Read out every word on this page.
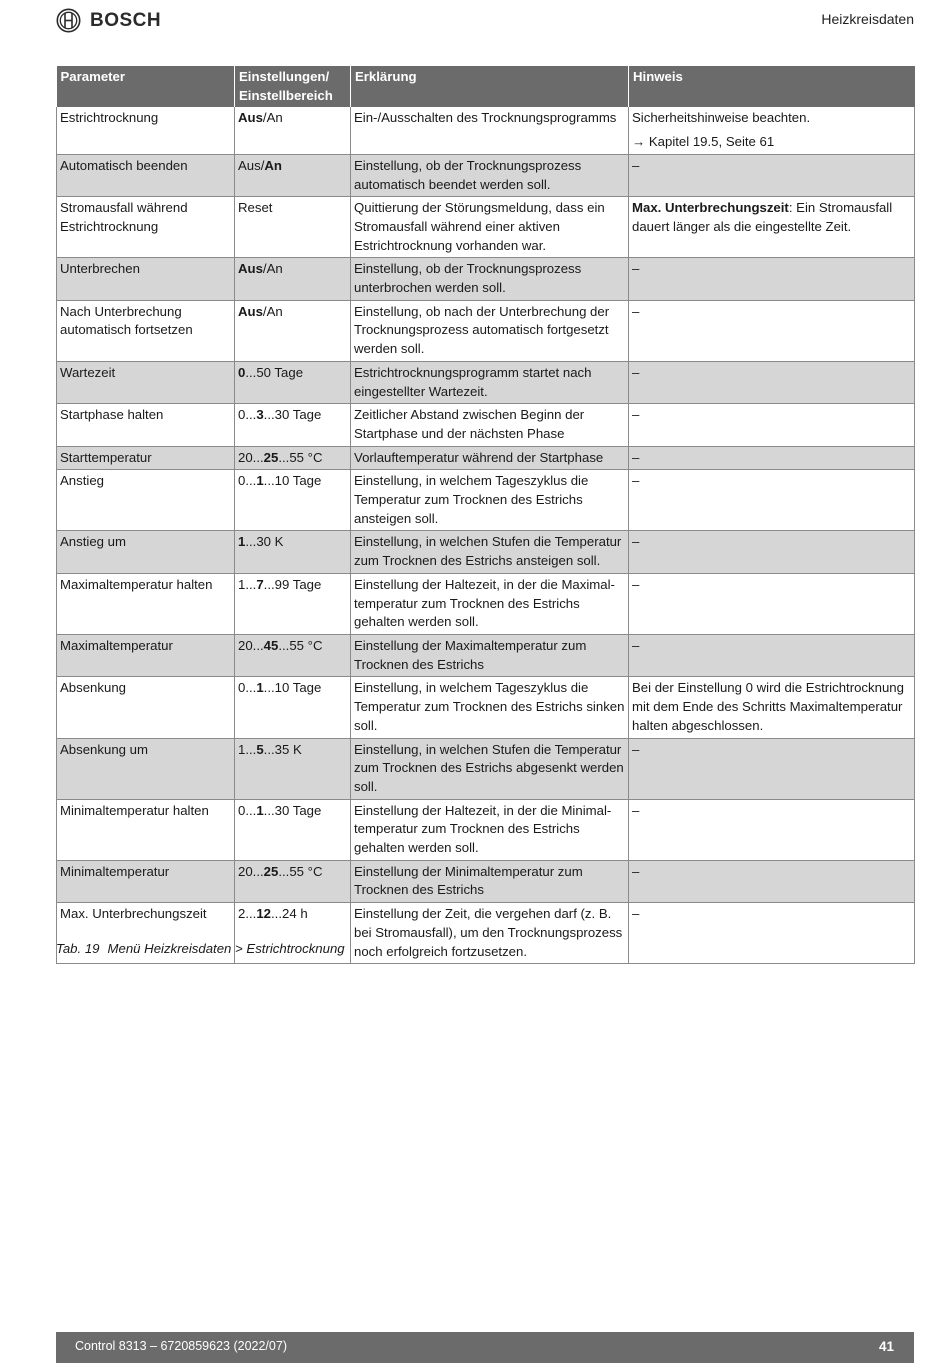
BOSCH	Heizkreisdaten
Parameter	Einstellungen/ Einstellbereich	Erklärung	Hinweis
Estrichtrocknung	Aus/An	Ein-/Ausschalten des Trocknungsprogramms	Sicherheitshinweise beachten.
→ Kapitel 19.5, Seite 61

Automatisch beenden	Aus/An	Einstellung, ob der Trocknungsprozess automatisch beendet werden soll.	–
Stromausfall während Estrichtrocknung	Reset	Quittierung der Störungsmeldung, dass ein Stromausfall während einer aktiven Estrichtrocknung vorhanden war.	Max. Unterbrechungszeit: Ein Stromausfall dauert länger als die eingestellte Zeit.
Unterbrechen	Aus/An	Einstellung, ob der Trocknungsprozess unterbrochen werden soll.	–
Nach Unterbrechung automatisch fortsetzen	Aus/An	Einstellung, ob nach der Unterbrechung der Trocknungsprozess automatisch fortgesetzt werden soll.	–
Wartezeit	0...50 Tage	Estrichtrocknungsprogramm startet nach eingestellter Wartezeit.	–
Startphase halten	0...3...30 Tage	Zeitlicher Abstand zwischen Beginn der Startphase und der nächsten Phase	–
Starttemperatur	20...25...55 °C	Vorlauftemperatur während der Startphase	–
Anstieg	0...1...10 Tage	Einstellung, in welchem Tageszyklus die Temperatur zum Trocknen des Estrichs ansteigen soll.	–
Anstieg um	1...30 K	Einstellung, in welchen Stufen die Temperatur zum Trocknen des Estrichs ansteigen soll.	–
Maximaltemperatur halten	1...7...99 Tage	Einstellung der Haltezeit, in der die Maximaltemperatur zum Trocknen des Estrichs gehalten werden soll.	–
Maximaltemperatur	20...45...55 °C	Einstellung der Maximaltemperatur zum Trocknen des Estrichs	–
Absenkung	0...1...10 Tage	Einstellung, in welchem Tageszyklus die Temperatur zum Trocknen des Estrichs sinken soll.	Bei der Einstellung 0 wird die Estrichtrocknung mit dem Ende des Schritts Maximaltemperatur halten abgeschlossen.
Absenkung um	1...5...35 K	Einstellung, in welchen Stufen die Temperatur zum Trocknen des Estrichs abgesenkt werden soll.	–
Minimaltemperatur halten	0...1...30 Tage	Einstellung der Haltezeit, in der die Minimaltemperatur zum Trocknen des Estrichs gehalten werden soll.	–
Minimaltemperatur	20...25...55 °C	Einstellung der Minimaltemperatur zum Trocknen des Estrichs	–
Max. Unterbrechungszeit	2...12...24 h	Einstellung der Zeit, die vergehen darf (z. B. bei Stromausfall), um den Trocknungsprozess noch erfolgreich fortzusetzen.	–
Tab. 19 Menü Heizkreisdaten > Estrichtrocknung
Control 8313 – 6720859623 (2022/07)	41
